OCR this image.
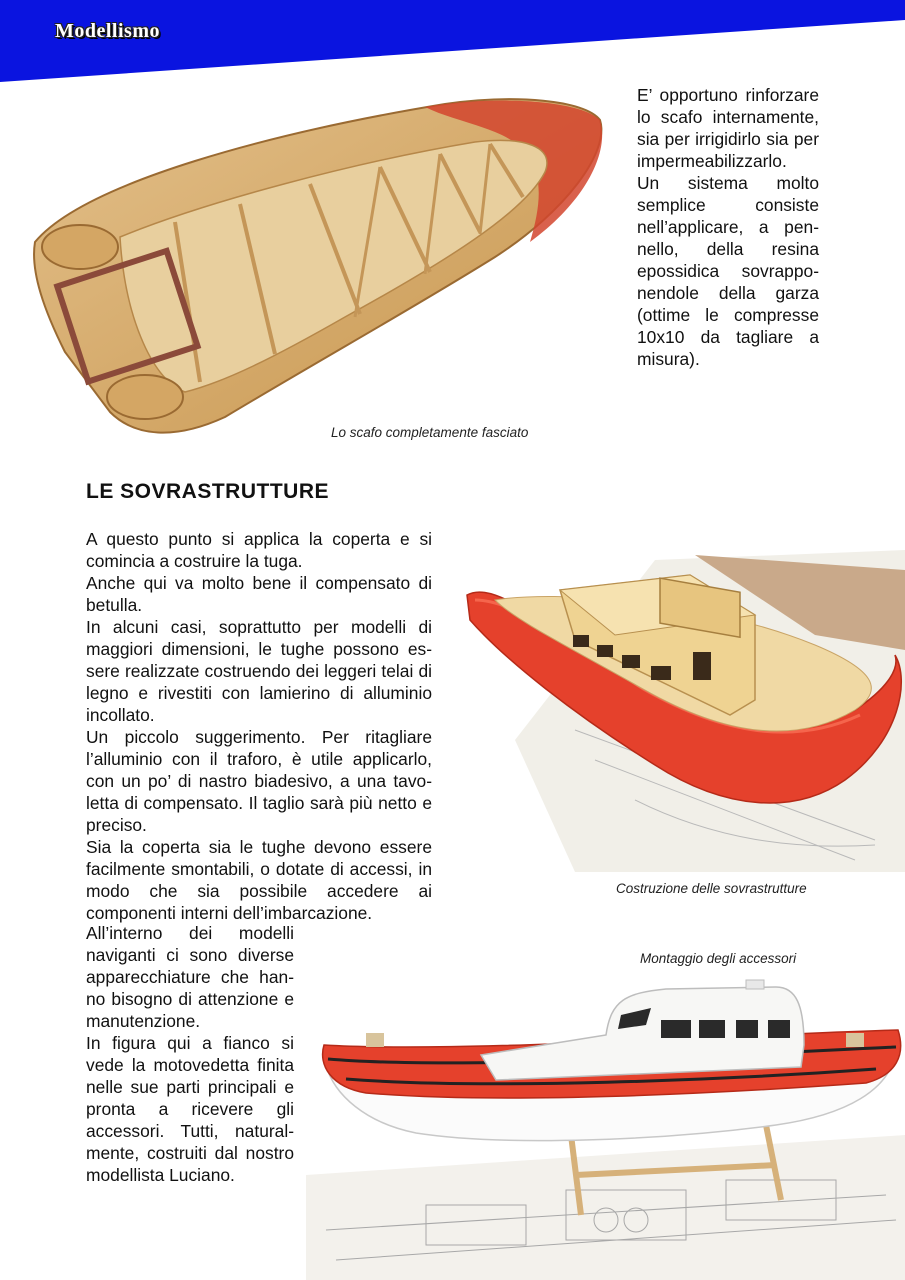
Modellismo
Lo scafo completamente fasciato

E’ opportuno rinforzare lo scafo internamente, sia per irrigidirlo sia per impermeabilizzarlo.

Un sistema molto semplice consiste nell’applicare, a pennello, della resina epossidica sovrapponendole della garza (ottime le compresse 10x10 da tagliare a misura).

LE SOVRASTRUTTURE

A questo punto si applica la coperta e si comincia a costruire la tuga.

Anche qui va molto bene il compensato di betulla.

In alcuni casi, soprattutto per modelli di maggiori dimensioni, le tughe possono essere realizzate costruendo dei leggeri telai di legno e rivestiti con lamierino di alluminio incollato.

Un piccolo suggerimento. Per ritagliare l’alluminio con il traforo, è utile applicarlo, con un po’ di nastro biadesivo, a una tavoletta di compensato. Il taglio sarà più netto e preciso.

Sia la coperta sia le tughe devono essere facilmente smontabili, o dotate di accessi, in modo che sia possibile accedere ai componenti interni dell’imbarcazione.

All’interno dei modelli naviganti ci sono diverse apparecchiature che hanno bisogno di attenzione e manutenzione.

In figura qui a fianco si vede la motovedetta finita nelle sue parti principali e pronta a ricevere gli accessori. Tutti, naturalmente, costruiti dal nostro modellista Luciano.

Costruzione delle sovrastrutture
Montaggio degli accessori
